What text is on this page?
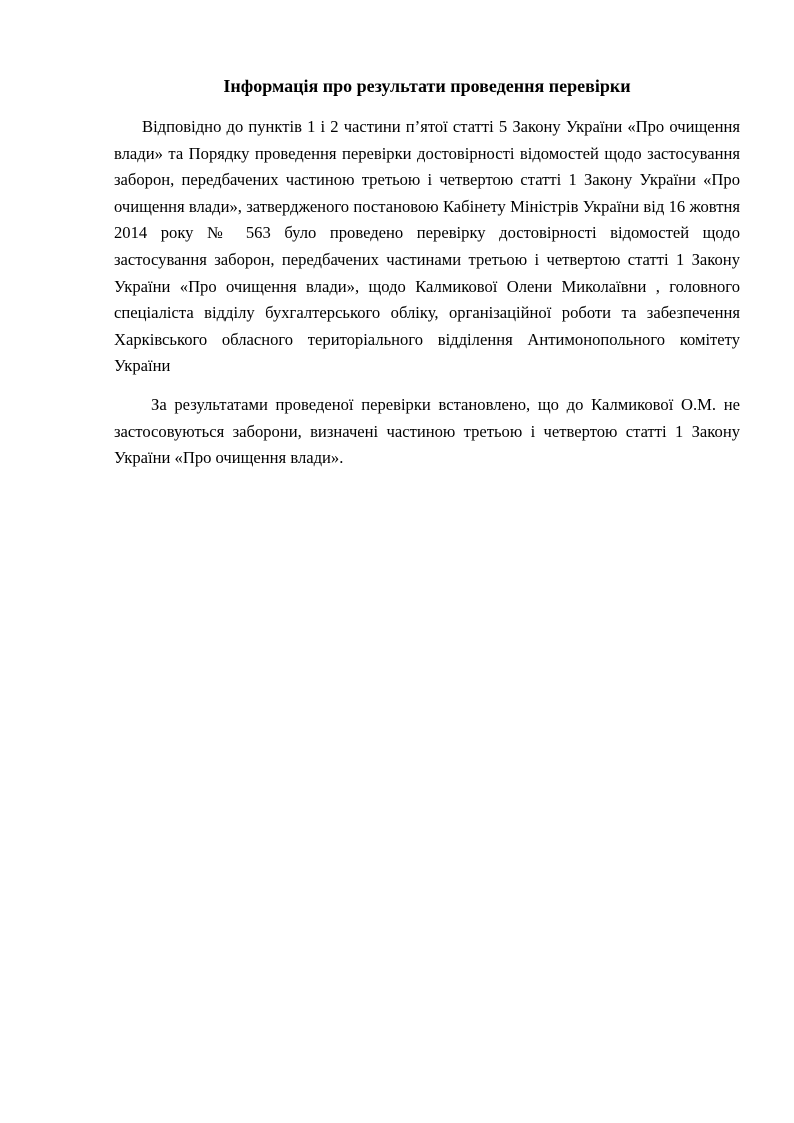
Інформація про результати проведення перевірки

Відповідно до пунктів 1 і 2 частини п’ятої статті 5 Закону України «Про очищення влади» та Порядку проведення перевірки достовірності відомостей щодо застосування заборон, передбачених частиною третьою і четвертою статті 1 Закону України «Про очищення влади», затвердженого постановою Кабінету Міністрів України від 16 жовтня 2014 року № 563 було проведено перевірку достовірності відомостей щодо застосування заборон, передбачених частинами третьою і четвертою статті 1 Закону України «Про очищення влади», щодо Калмикової Олени Миколаївни , головного спеціаліста відділу бухгалтерського обліку, організаційної роботи та забезпечення Харківського обласного територіального відділення Антимонопольного комітету України

За результатами проведеної перевірки встановлено, що до Калмикової О.М. не застосовуються заборони, визначені частиною третьою і четвертою статті 1 Закону України «Про очищення влади».
